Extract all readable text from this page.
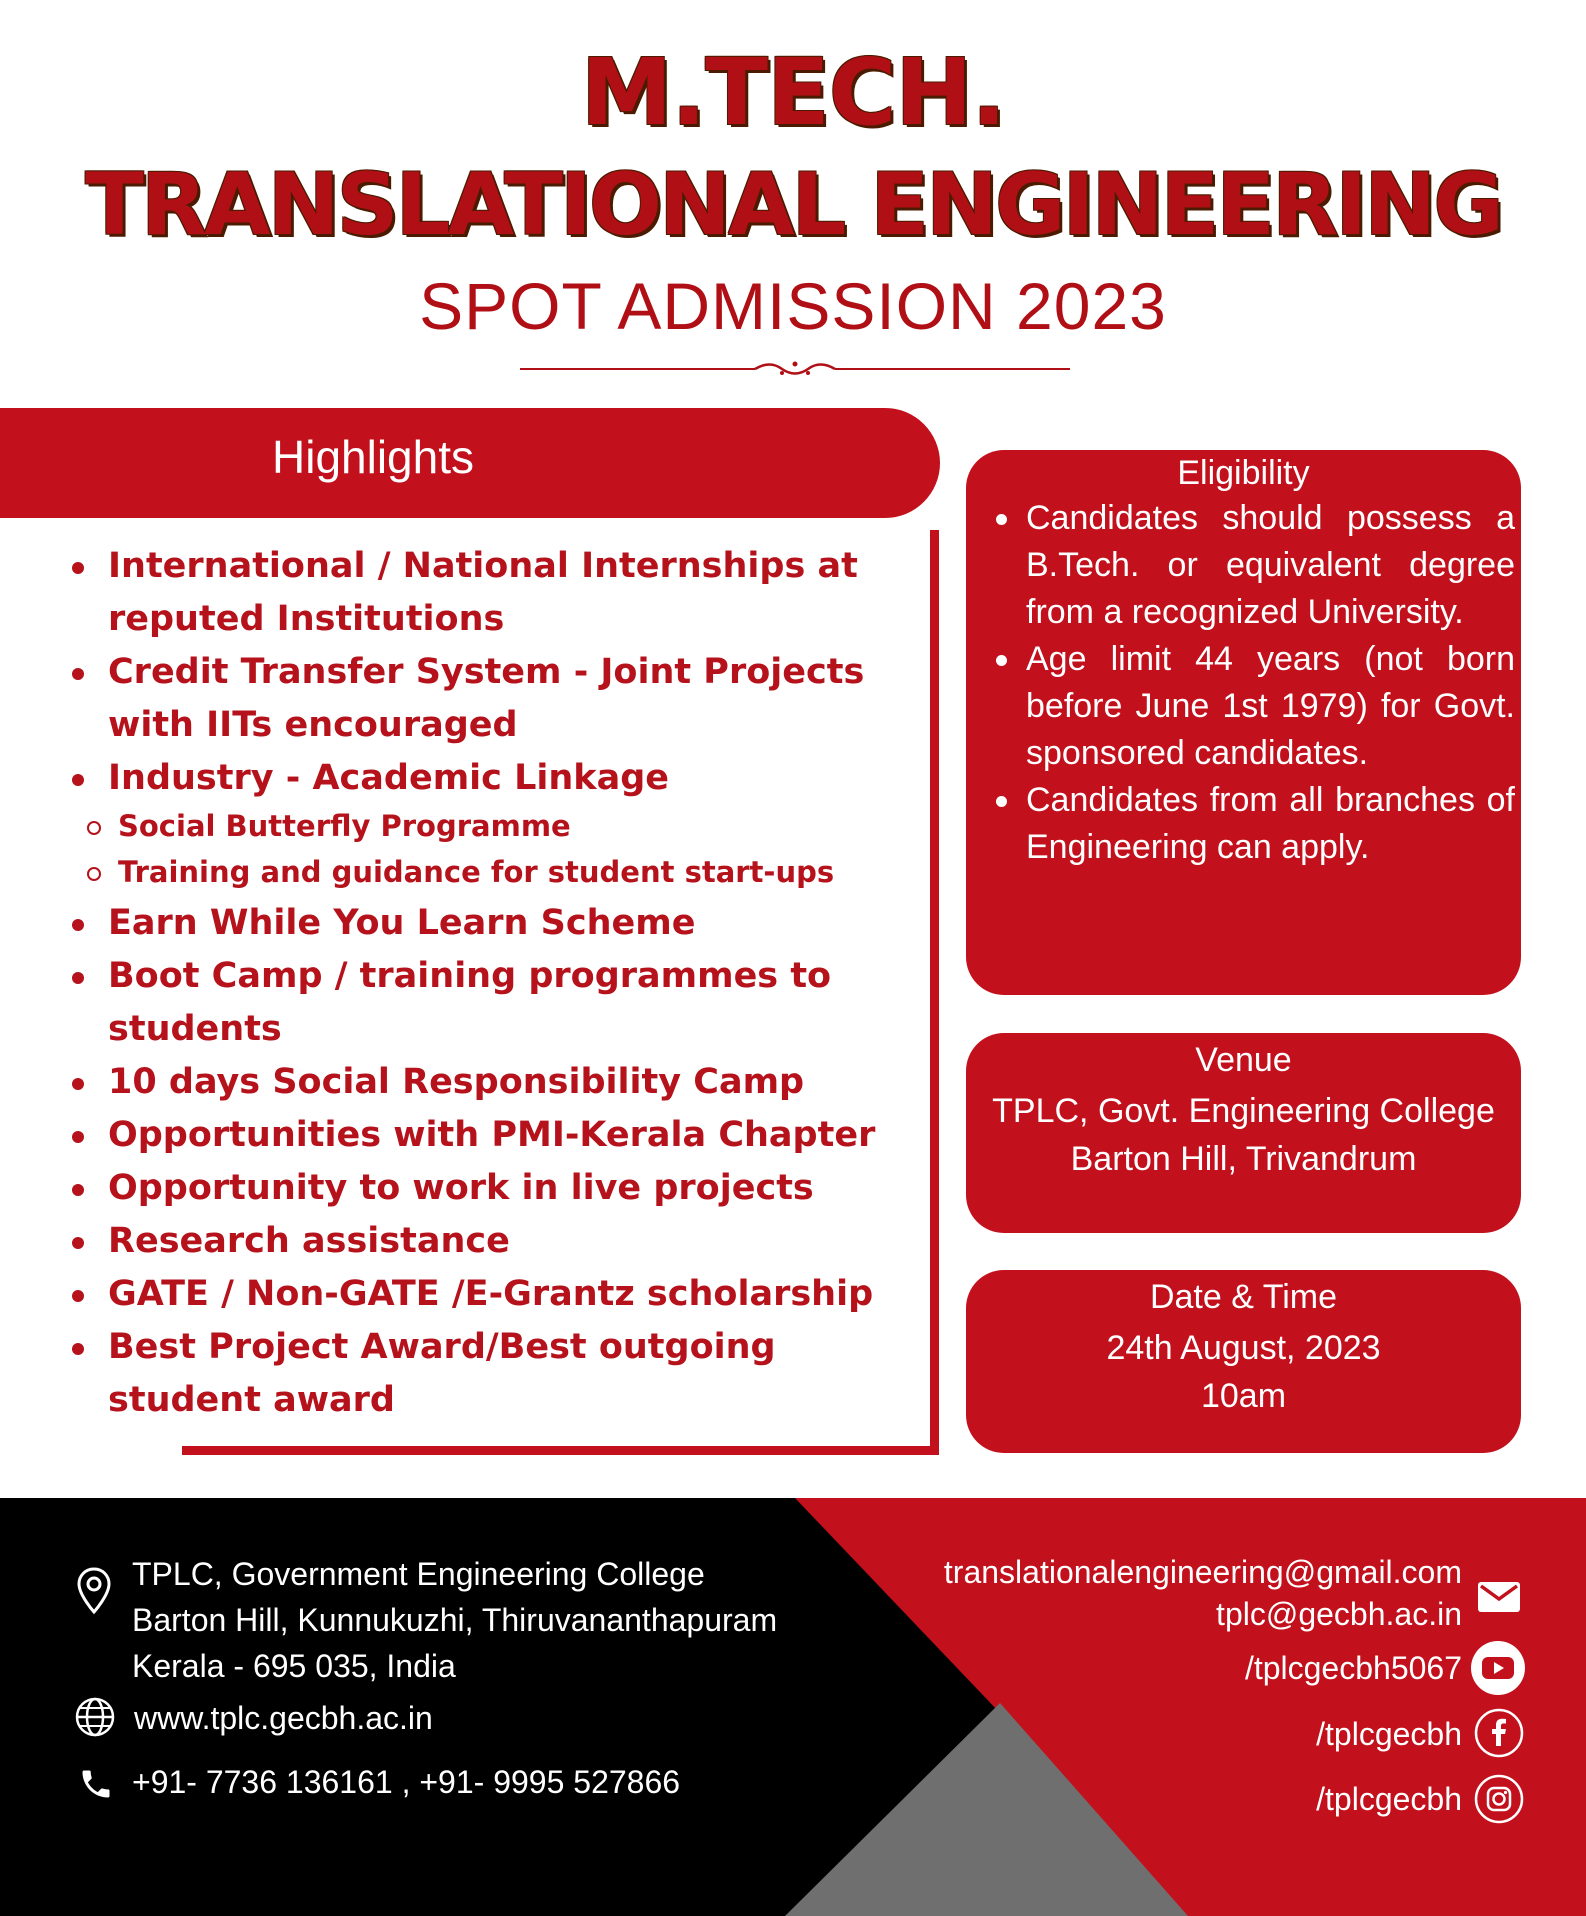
M.TECH.
TRANSLATIONAL ENGINEERING
SPOT ADMISSION 2023
Highlights
International / National Internships at reputed Institutions
Credit Transfer System - Joint Projects with IITs encouraged
Industry - Academic Linkage
Social Butterfly Programme
Training and guidance for student start-ups
Earn While You Learn Scheme
Boot Camp / training programmes to students
10 days Social Responsibility Camp
Opportunities with PMI-Kerala Chapter
Opportunity to work in live projects
Research assistance
GATE / Non-GATE /E-Grantz scholarship
Best Project Award/Best outgoing student award
Eligibility
Candidates should possess a B.Tech. or equivalent degree from a recognized University.
Age limit 44 years (not born before June 1st 1979) for Govt. sponsored candidates.
Candidates from all branches of Engineering can apply.
Venue
TPLC, Govt. Engineering College
Barton Hill, Trivandrum
Date & Time
24th August, 2023
10am
TPLC, Government Engineering College
Barton Hill, Kunnukuzhi, Thiruvananthapuram
Kerala - 695 035, India
www.tplc.gecbh.ac.in
+91- 7736 136161 , +91- 9995 527866
translationalengineering@gmail.com
tplc@gecbh.ac.in
/tplcgecbh5067
/tplcgecbh
/tplcgecbh
